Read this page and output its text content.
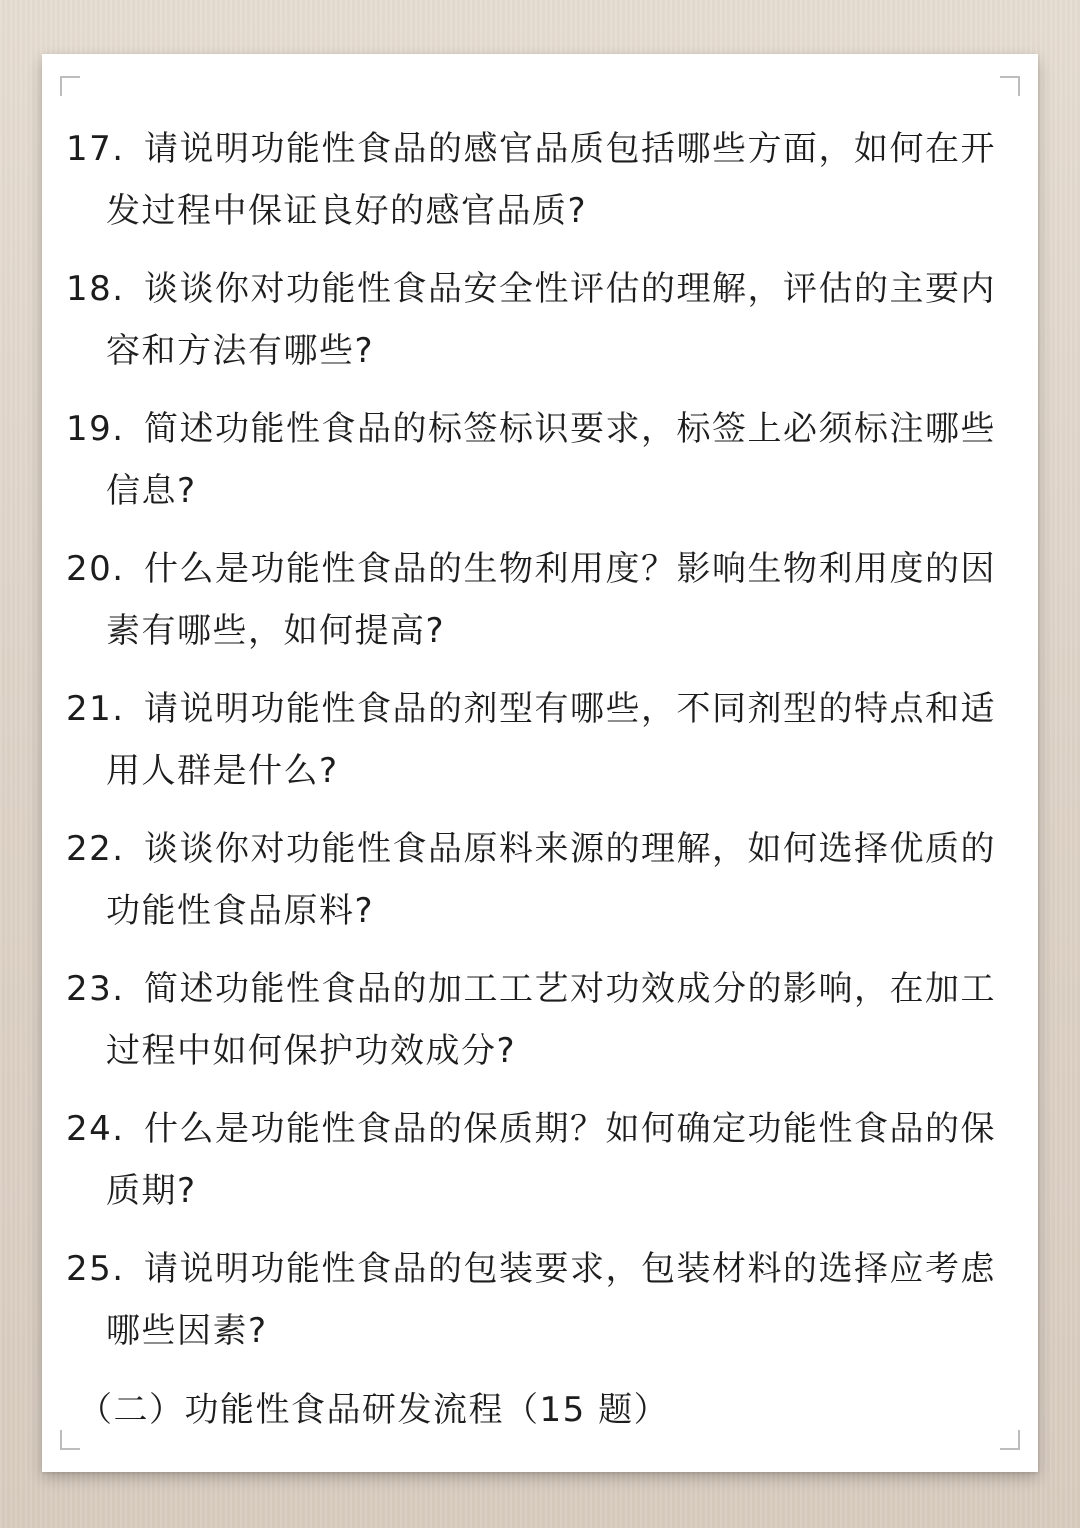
17. 请说明功能性食品的感官品质包括哪些方面，如何在开发过程中保证良好的感官品质?
18. 谈谈你对功能性食品安全性评估的理解，评估的主要内容和方法有哪些?
19. 简述功能性食品的标签标识要求，标签上必须标注哪些信息?
20. 什么是功能性食品的生物利用度？影响生物利用度的因素有哪些，如何提高?
21. 请说明功能性食品的剂型有哪些，不同剂型的特点和适用人群是什么?
22. 谈谈你对功能性食品原料来源的理解，如何选择优质的功能性食品原料?
23. 简述功能性食品的加工工艺对功效成分的影响，在加工过程中如何保护功效成分?
24. 什么是功能性食品的保质期？如何确定功能性食品的保质期?
25. 请说明功能性食品的包装要求，包装材料的选择应考虑哪些因素?
（二）功能性食品研发流程（15 题）
